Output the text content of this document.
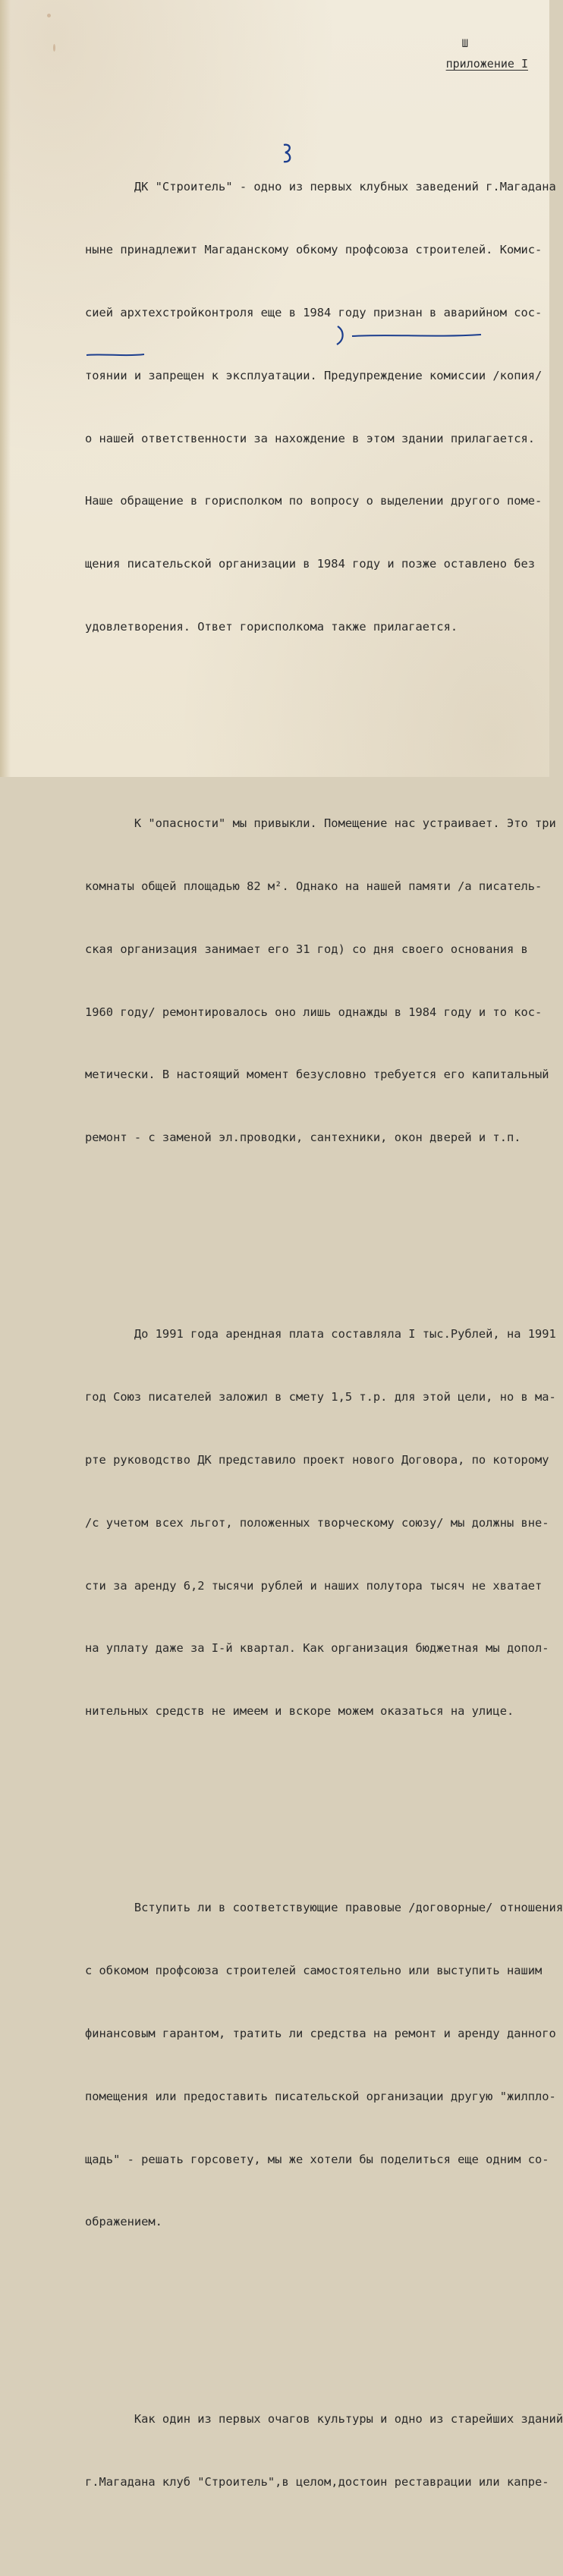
Ш
приложение I

ДК "Строитель" - одно из первых клубных заведений г.Магадана

ныне принадлежит Магаданскому обкому профсоюза строителей. Комис-

сией архтехстройконтроля еще в 1984 году признан в аварийном сос-

тоянии и запрещен к эксплуатации. Предупреждение комиссии /копия/

о нашей ответственности за нахождение в этом здании прилагается.

Наше обращение в горисполком по вопросу о выделении другого поме-

щения писательской организации в 1984 году и позже оставлено без

удовлетворения. Ответ горисполкома также прилагается.

К "опасности" мы привыкли. Помещение нас устраивает. Это три

комнаты общей площадью 82 м². Однако на нашей памяти /а писатель-

ская организация занимает его 31 год) со дня своего основания в

1960 году/ ремонтировалось оно лишь однажды в 1984 году и то кос-

метически. В настоящий момент безусловно требуется его капитальный

ремонт - с заменой эл.проводки, сантехники, окон дверей и т.п.

До 1991 года арендная плата составляла I тыс.Рублей, на 1991

год Союз писателей заложил в смету 1,5 т.р. для этой цели, но в ма-

рте руководство ДК представило проект нового Договора, по которому

/с учетом всех льгот, положенных творческому союзу/ мы должны вне-

сти за аренду 6,2 тысячи рублей и наших полутора тысяч не хватает

на уплату даже за I-й квартал. Как организация бюджетная мы допол-

нительных средств не имеем и вскоре можем оказаться на улице.

Вступить ли в соответствующие правовые /договорные/ отношения

с обкомом профсоюза строителей самостоятельно или выступить нашим

финансовым гарантом, тратить ли средства на ремонт и аренду данного

помещения или предоставить писательской организации другую "жилпло-

щадь" - решать горсовету, мы же хотели бы поделиться еще одним со-

ображением.

Как один из первых очагов культуры и одно из старейших зданий

г.Магадана клуб "Строитель",в целом,достоин реставрации или капре-
